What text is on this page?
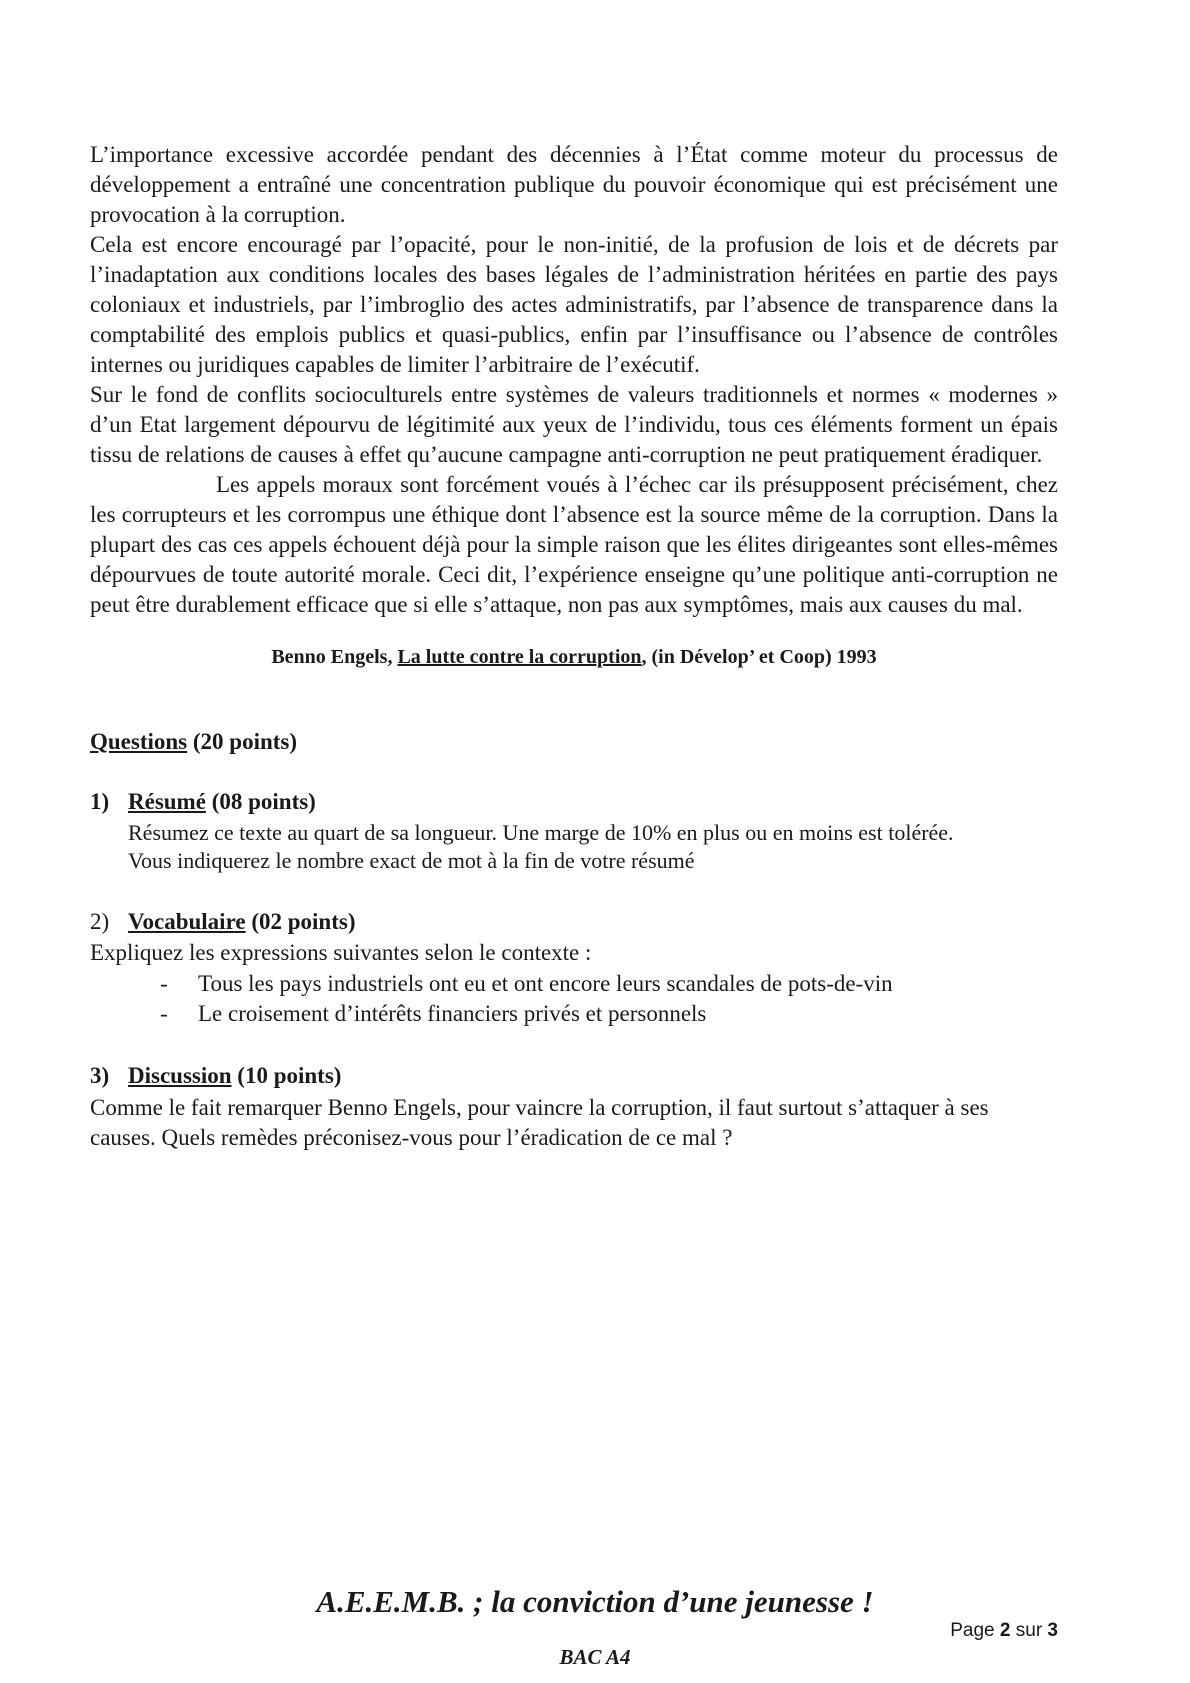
L’importance excessive accordée pendant des décennies à l’État comme moteur du processus de développement a entraîné une concentration publique du pouvoir économique qui est précisément une provocation à la corruption.

Cela est encore encouragé par l’opacité, pour le non-initié, de la profusion de lois et de décrets par l’inadaptation aux conditions locales des bases légales de l’administration héritées en partie des pays coloniaux et industriels, par l’imbroglio des actes administratifs, par l’absence de transparence dans la comptabilité des emplois publics et quasi-publics, enfin par l’insuffisance ou l’absence de contrôles internes ou juridiques capables de limiter l’arbitraire de l’exécutif.

Sur le fond de conflits socioculturels entre systèmes de valeurs traditionnels et normes « modernes » d’un Etat largement dépourvu de légitimité aux yeux de l’individu, tous ces éléments forment un épais tissu de relations de causes à effet qu’aucune campagne anti-corruption ne peut pratiquement éradiquer.

Les appels moraux sont forcément voués à l’échec car ils présupposent précisément, chez les corrupteurs et les corrompus une éthique dont l’absence est la source même de la corruption. Dans la plupart des cas ces appels échouent déjà pour la simple raison que les élites dirigeantes sont elles-mêmes dépourvues de toute autorité morale. Ceci dit, l’expérience enseigne qu’une politique anti-corruption ne peut être durablement efficace que si elle s’attaque, non pas aux symptômes, mais aux causes du mal.

Benno Engels, La lutte contre la corruption, (in Dévelop’ et Coop) 1993

Questions (20 points)

1) Résumé (08 points)

Résumez ce texte au quart de sa longueur. Une marge de 10% en plus ou en moins est tolérée.
Vous indiquerez le nombre exact de mot à la fin de votre résumé

2) Vocabulaire (02 points)

Expliquez les expressions suivantes selon le contexte :
- Tous les pays industriels ont eu et ont encore leurs scandales de pots-de-vin
- Le croisement d’intérêts financiers privés et personnels

3) Discussion (10 points)

Comme le fait remarquer Benno Engels, pour vaincre la corruption, il faut surtout s’attaquer à ses causes. Quels remèdes préconisez-vous pour l’éradication de ce mal ?
A.E.E.M.B. ; la conviction d’une jeunesse !
Page 2 sur 3
BAC A4
